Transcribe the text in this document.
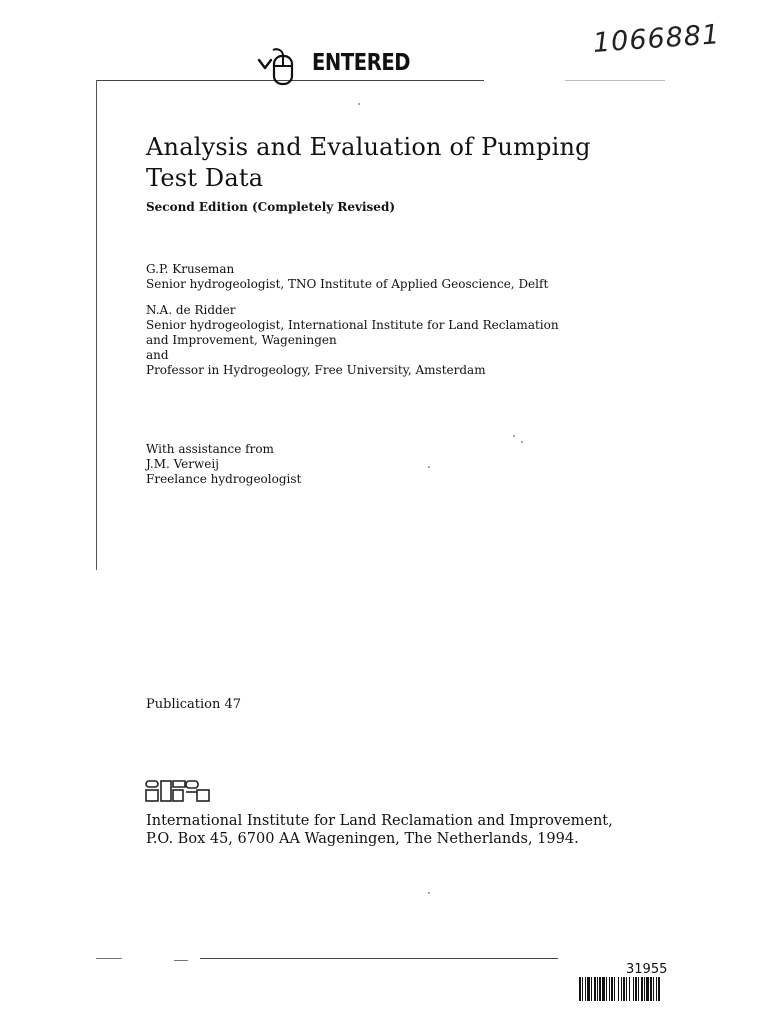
ENTERED
1066881
Analysis and Evaluation of Pumping
Test Data
Second Edition (Completely Revised)
G.P. Kruseman
Senior hydrogeologist, TNO Institute of Applied Geoscience, Delft
N.A. de Ridder
Senior hydrogeologist, International Institute for Land Reclamation
and Improvement, Wageningen
and
Professor in Hydrogeology, Free University, Amsterdam
With assistance from
J.M. Verweij
Freelance hydrogeologist
Publication 47
International Institute for Land Reclamation and Improvement,
P.O. Box 45, 6700 AA Wageningen, The Netherlands, 1994.
31955
